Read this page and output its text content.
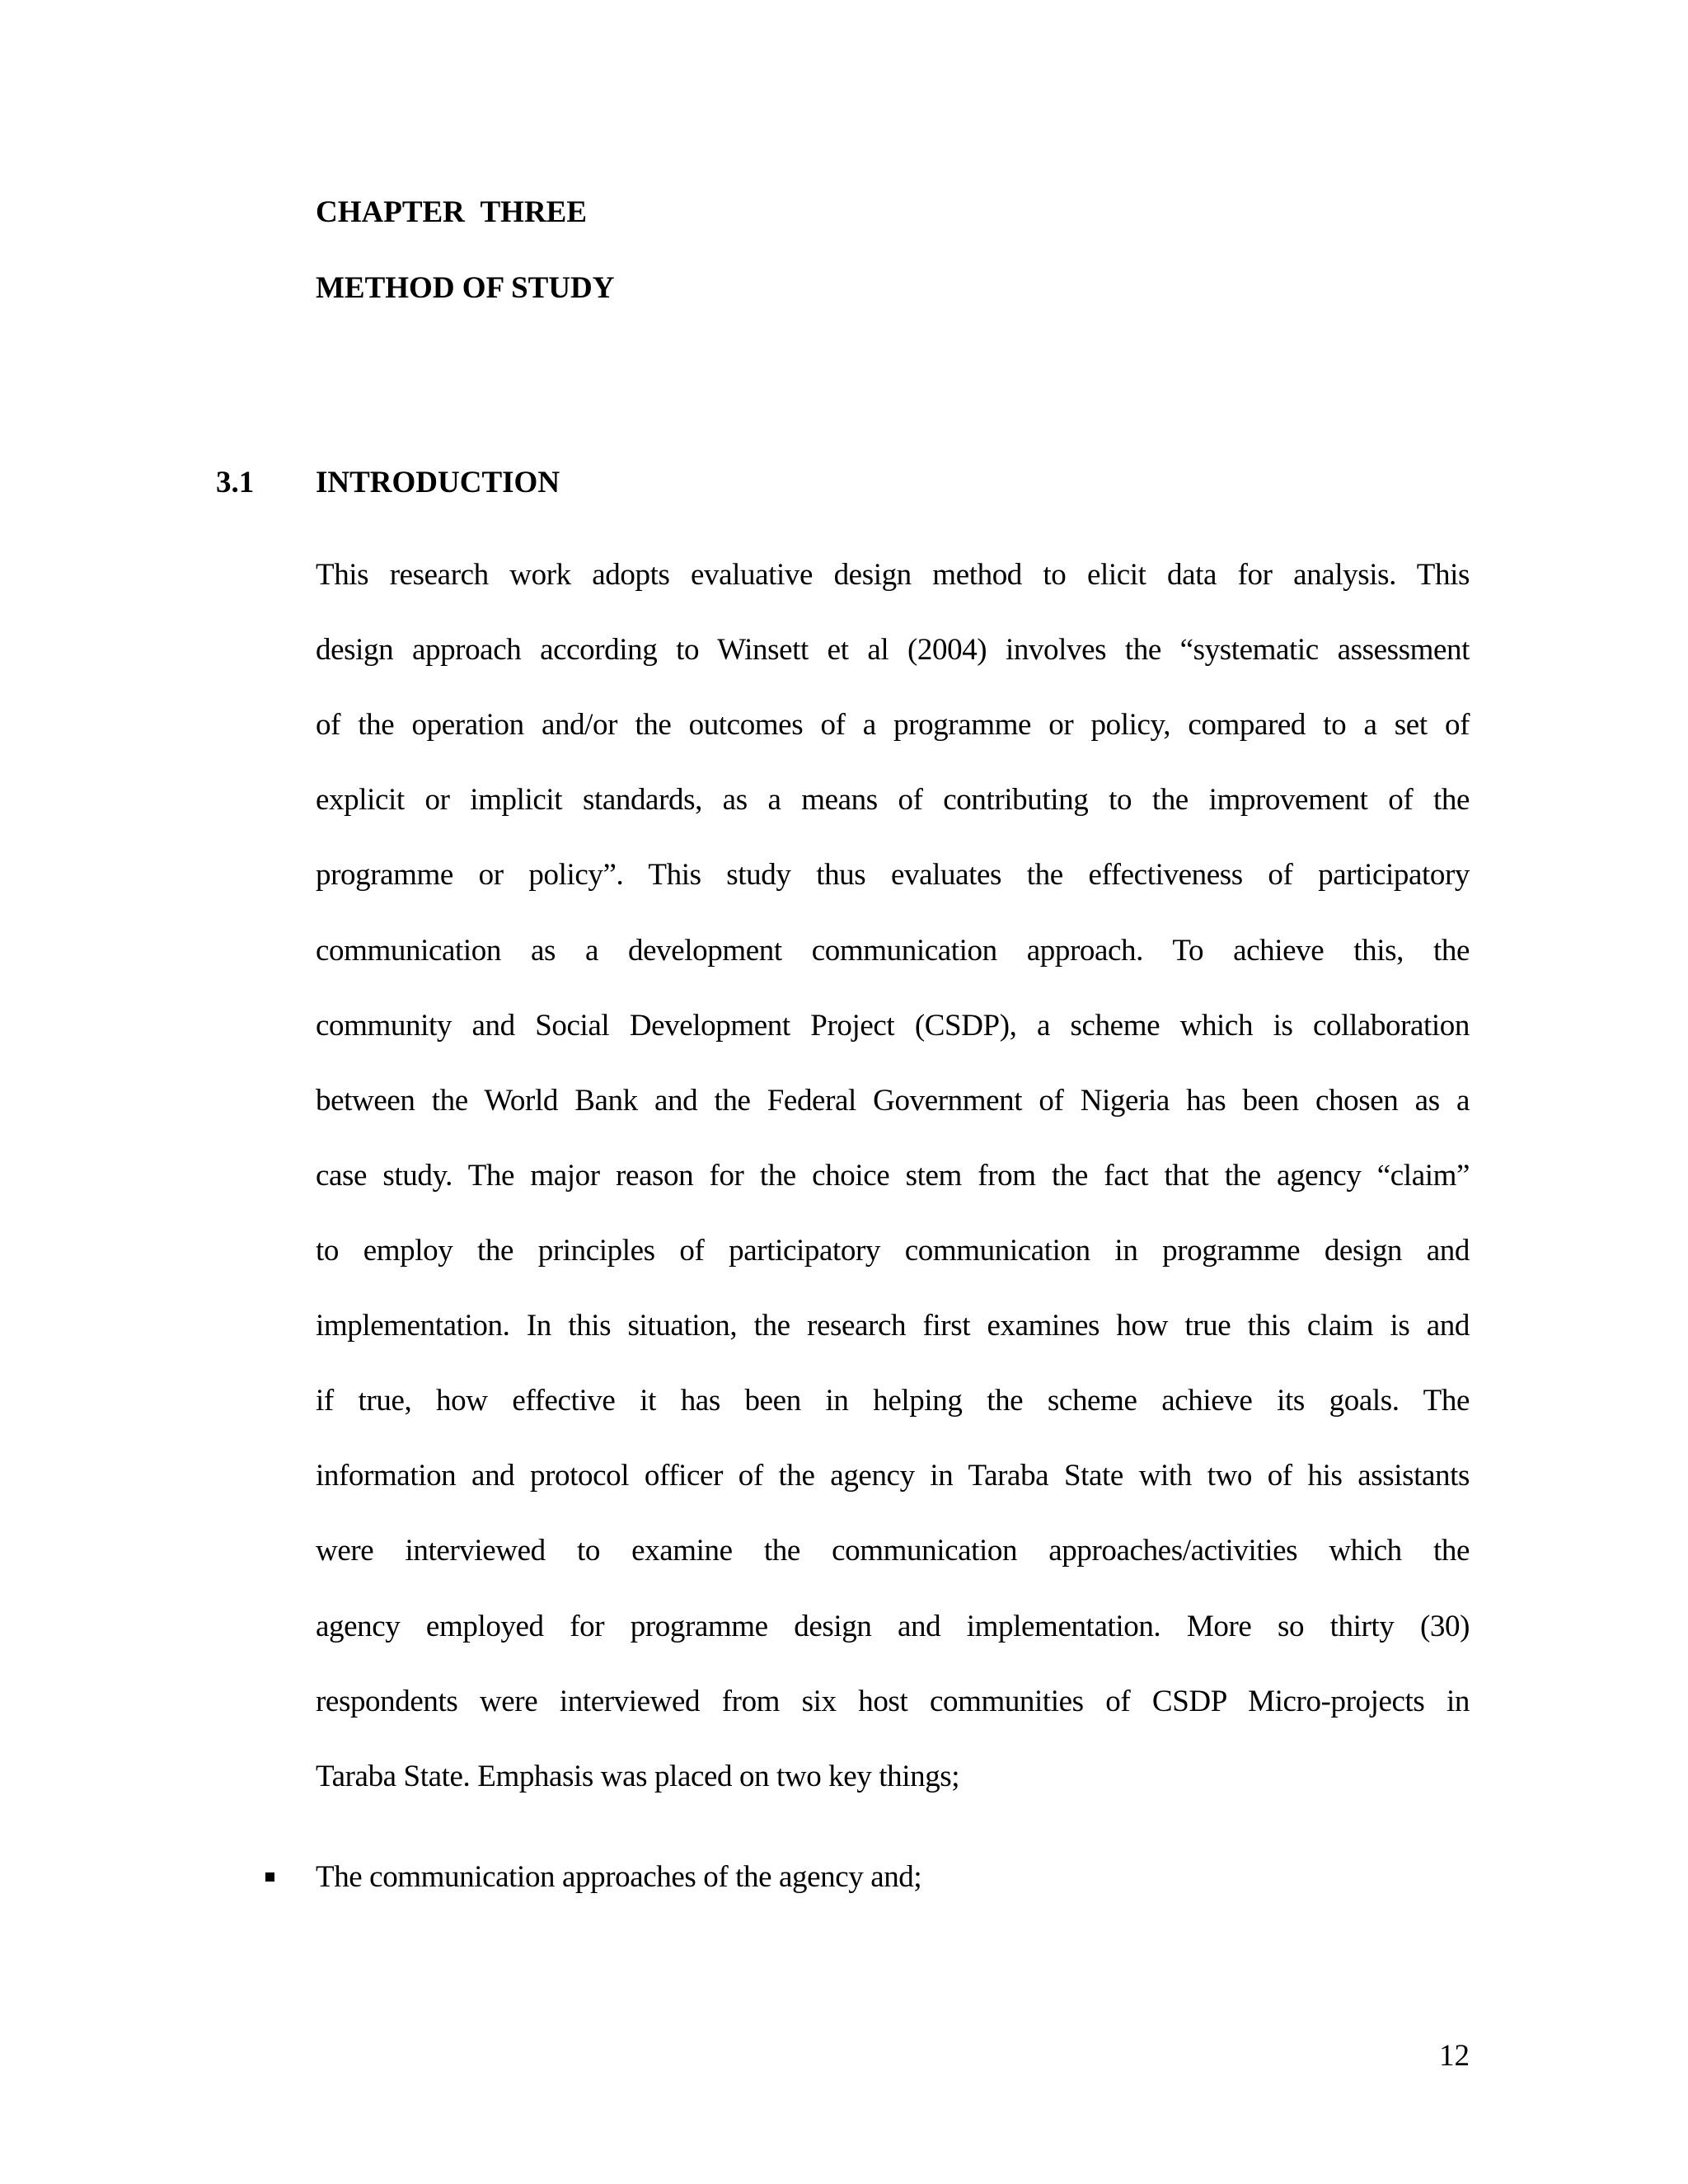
CHAPTER THREE
METHOD OF STUDY
3.1 INTRODUCTION
This research work adopts evaluative design method to elicit data for analysis. This
design approach according to Winsett et al (2004) involves the “systematic assessment
of the operation and/or the outcomes of a programme or policy, compared to a set of
explicit or implicit standards, as a means of contributing to the improvement of the
programme or policy”. This study thus evaluates the effectiveness of participatory
communication as a development communication approach. To achieve this, the
community and Social Development Project (CSDP), a scheme which is collaboration
between the World Bank and the Federal Government of Nigeria has been chosen as a
case study. The major reason for the choice stem from the fact that the agency “claim”
to employ the principles of participatory communication in programme design and
implementation. In this situation, the research first examines how true this claim is and
if true, how effective it has been in helping the scheme achieve its goals. The
information and protocol officer of the agency in Taraba State with two of his assistants
were interviewed to examine the communication approaches/activities which the
agency employed for programme design and implementation. More so thirty (30)
respondents were interviewed from six host communities of CSDP Micro-projects in
Taraba State. Emphasis was placed on two key things;
The communication approaches of the agency and;
12
